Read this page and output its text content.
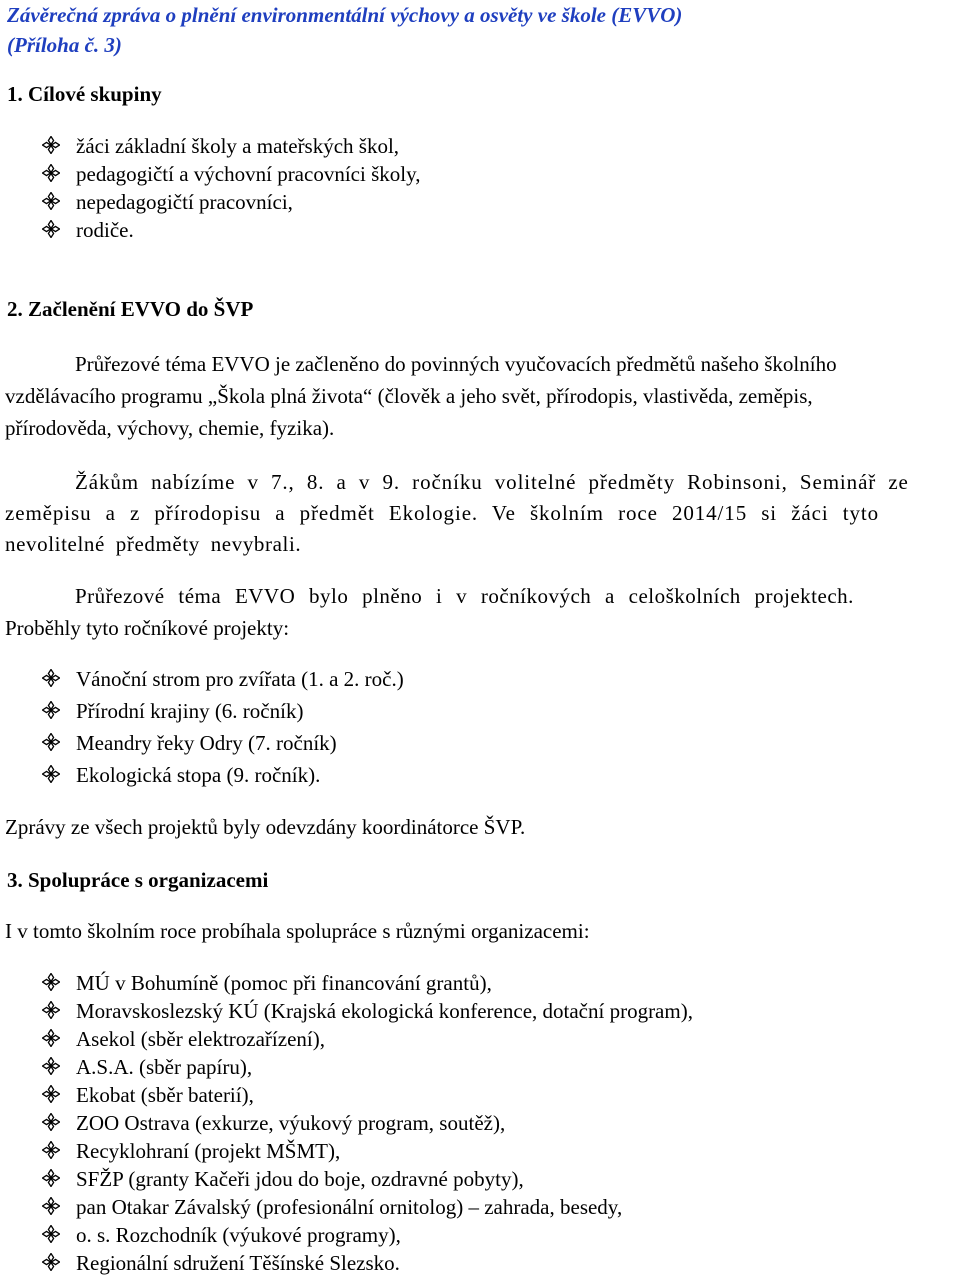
Závěrečná zpráva o plnění environmentální výchovy a osvěty ve škole (EVVO)
(Příloha č. 3)
1. Cílové skupiny
žáci základní školy a mateřských škol,
pedagogičtí a výchovní pracovníci školy,
nepedagogičtí pracovníci,
rodiče.
2. Začlenění EVVO do ŠVP
Průřezové téma EVVO je začleněno do povinných vyučovacích předmětů našeho školního
vzdělávacího programu „Škola plná života“ (člověk a jeho svět, přírodopis, vlastivěda, zeměpis,
přírodověda, výchovy, chemie, fyzika).
Žákům nabízíme v 7., 8. a v 9. ročníku volitelné předměty Robinsoni, Seminář ze
zeměpisu a z přírodopisu a předmět Ekologie. Ve školním roce 2014/15 si žáci tyto
nevolitelné předměty nevybrali.
Průřezové téma EVVO bylo plněno i v ročníkových a celoškolních projektech.
Proběhly tyto ročníkové projekty:
Vánoční strom pro zvířata (1. a 2. roč.)
Přírodní krajiny (6. ročník)
Meandry řeky Odry (7. ročník)
Ekologická stopa (9. ročník).

Zprávy ze všech projektů byly odevzdány koordinátorce ŠVP.

3. Spolupráce s organizacemi

I v tomto školním roce probíhala spolupráce s různými organizacemi:

MÚ v Bohumíně (pomoc při financování grantů),
Moravskoslezský KÚ (Krajská ekologická konference, dotační program),
Asekol (sběr elektrozařízení),
A.S.A. (sběr papíru),
Ekobat (sběr baterií),
ZOO Ostrava (exkurze, výukový program, soutěž),
Recyklohraní (projekt MŠMT),
SFŽP (granty Kačeři jdou do boje, ozdravné pobyty),
pan Otakar Závalský (profesionální ornitolog) – zahrada, besedy,
o. s. Rozchodník (výukové programy),
Regionální sdružení Těšínské Slezsko.
